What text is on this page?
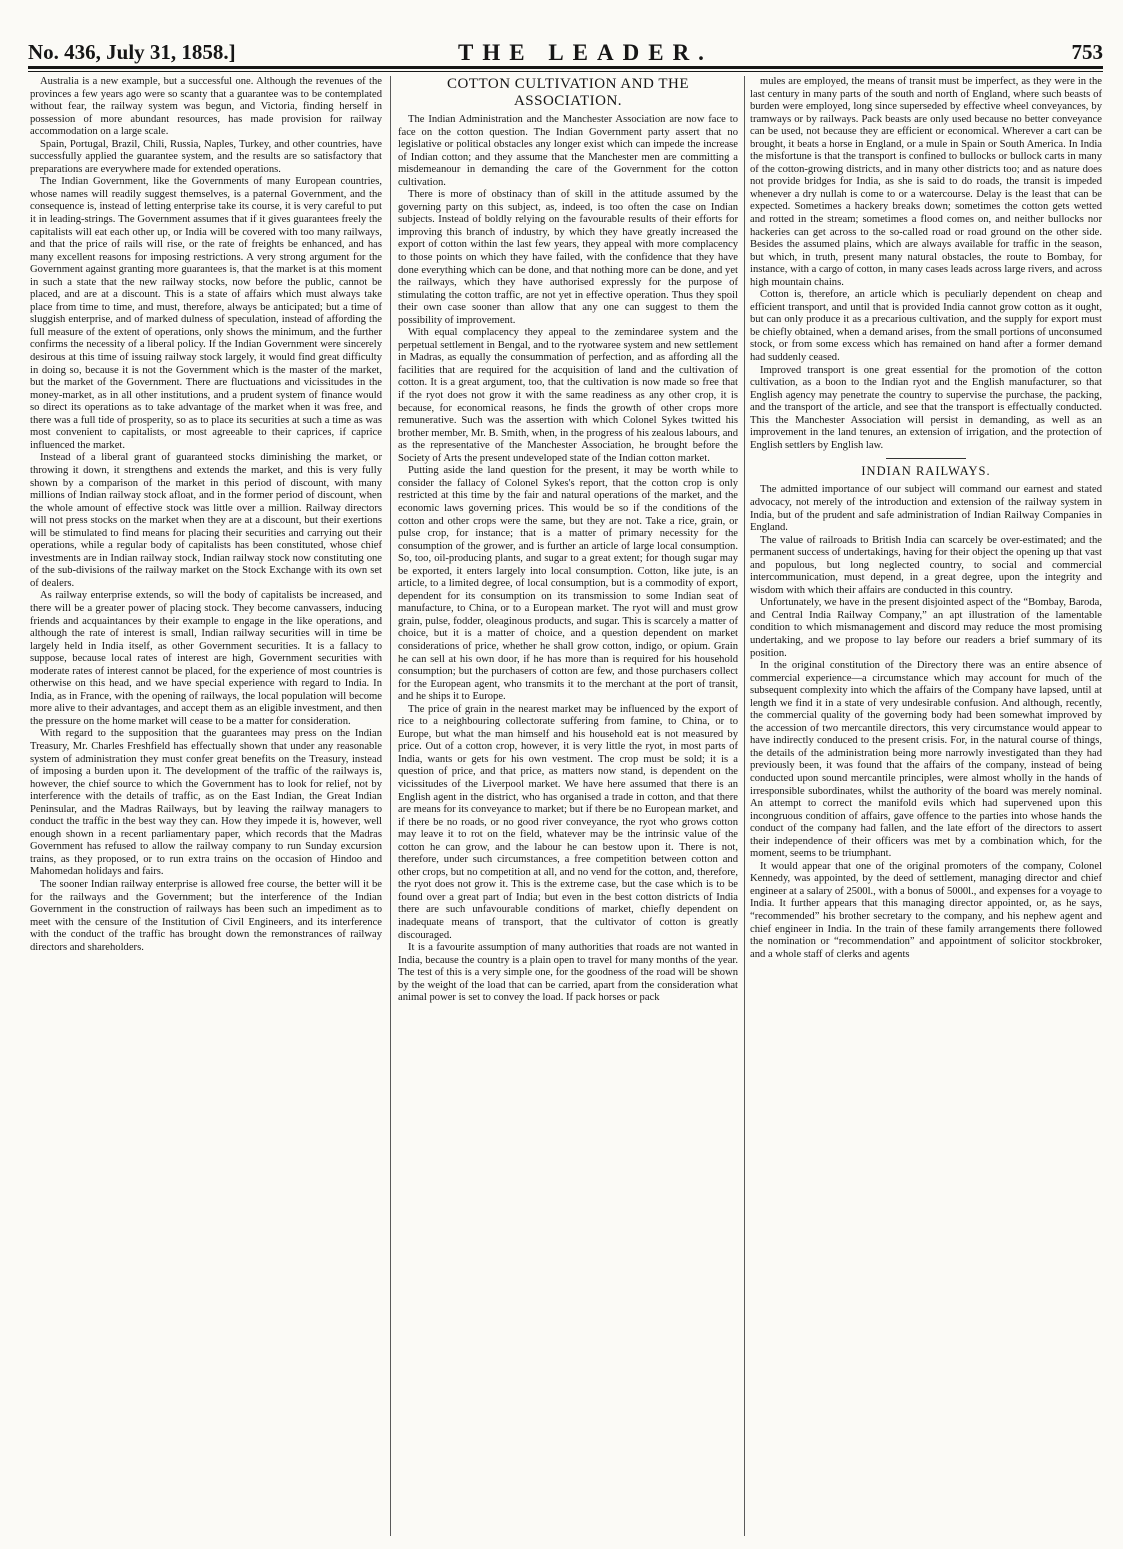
No. 436, July 31, 1858.]	THE LEADER.	753

Australia is a new example, but a successful one. Although the revenues of the provinces a few years ago were so scanty that a guarantee was to be contemplated without fear, the railway system was begun, and Victoria, finding herself in possession of more abundant resources, has made provision for railway accommodation on a large scale.

Spain, Portugal, Brazil, Chili, Russia, Naples, Turkey, and other countries, have successfully applied the guarantee system, and the results are so satisfactory that preparations are everywhere made for extended operations.

The Indian Government, like the Governments of many European countries, whose names will readily suggest themselves, is a paternal Government, and the consequence is, instead of letting enterprise take its course, it is very careful to put it in leading-strings. The Government assumes that if it gives guarantees freely the capitalists will eat each other up, or India will be covered with too many railways, and that the price of rails will rise, or the rate of freights be enhanced, and has many excellent reasons for imposing restrictions. A very strong argument for the Government against granting more guarantees is, that the market is at this moment in such a state that the new railway stocks, now before the public, cannot be placed, and are at a discount. This is a state of affairs which must always take place from time to time, and must, therefore, always be anticipated; but a time of sluggish enterprise, and of marked dulness of speculation, instead of affording the full measure of the extent of operations, only shows the minimum, and the further confirms the necessity of a liberal policy. If the Indian Government were sincerely desirous at this time of issuing railway stock largely, it would find great difficulty in doing so, because it is not the Government which is the master of the market, but the market of the Government. There are fluctuations and vicissitudes in the money-market, as in all other institutions, and a prudent system of finance would so direct its operations as to take advantage of the market when it was free, and there was a full tide of prosperity, so as to place its securities at such a time as was most convenient to capitalists, or most agreeable to their caprices, if caprice influenced the market.

Instead of a liberal grant of guaranteed stocks diminishing the market, or throwing it down, it strengthens and extends the market, and this is very fully shown by a comparison of the market in this period of discount, with many millions of Indian railway stock afloat, and in the former period of discount, when the whole amount of effective stock was little over a million. Railway directors will not press stocks on the market when they are at a discount, but their exertions will be stimulated to find means for placing their securities and carrying out their operations, while a regular body of capitalists has been constituted, whose chief investments are in Indian railway stock, Indian railway stock now constituting one of the sub-divisions of the railway market on the Stock Exchange with its own set of dealers.

As railway enterprise extends, so will the body of capitalists be increased, and there will be a greater power of placing stock. They become canvassers, inducing friends and acquaintances by their example to engage in the like operations, and although the rate of interest is small, Indian railway securities will in time be largely held in India itself, as other Government securities. It is a fallacy to suppose, because local rates of interest are high, Government securities with moderate rates of interest cannot be placed, for the experience of most countries is otherwise on this head, and we have special experience with regard to India. In India, as in France, with the opening of railways, the local population will become more alive to their advantages, and accept them as an eligible investment, and then the pressure on the home market will cease to be a matter for consideration.

With regard to the supposition that the guarantees may press on the Indian Treasury, Mr. Charles Freshfield has effectually shown that under any reasonable system of administration they must confer great benefits on the Treasury, instead of imposing a burden upon it. The development of the traffic of the railways is, however, the chief source to which the Government has to look for relief, not by interference with the details of traffic, as on the East Indian, the Great Indian Peninsular, and the Madras Railways, but by leaving the railway managers to conduct the traffic in the best way they can. How they impede it is, however, well enough shown in a recent parliamentary paper, which records that the Madras Government has refused to allow the railway company to run Sunday excursion trains, as they proposed, or to run extra trains on the occasion of Hindoo and Mahomedan holidays and fairs.

The sooner Indian railway enterprise is allowed free course, the better will it be for the railways and the Government; but the interference of the Indian Government in the construction of railways has been such an impediment as to meet with the censure of the Institution of Civil Engineers, and its interference with the conduct of the traffic has brought down the remonstrances of railway directors and shareholders.

COTTON CULTIVATION AND THE ASSOCIATION.

The Indian Administration and the Manchester Association are now face to face on the cotton question. The Indian Government party assert that no legislative or political obstacles any longer exist which can impede the increase of Indian cotton; and they assume that the Manchester men are committing a misdemeanour in demanding the care of the Government for the cotton cultivation.

There is more of obstinacy than of skill in the attitude assumed by the governing party on this subject, as, indeed, is too often the case on Indian subjects. Instead of boldly relying on the favourable results of their efforts for improving this branch of industry, by which they have greatly increased the export of cotton within the last few years, they appeal with more complacency to those points on which they have failed, with the confidence that they have done everything which can be done, and that nothing more can be done, and yet the railways, which they have authorised expressly for the purpose of stimulating the cotton traffic, are not yet in effective operation. Thus they spoil their own case sooner than allow that any one can suggest to them the possibility of improvement.

With equal complacency they appeal to the zemindaree system and the perpetual settlement in Bengal, and to the ryotwaree system and new settlement in Madras, as equally the consummation of perfection, and as affording all the facilities that are required for the acquisition of land and the cultivation of cotton. It is a great argument, too, that the cultivation is now made so free that if the ryot does not grow it with the same readiness as any other crop, it is because, for economical reasons, he finds the growth of other crops more remunerative. Such was the assertion with which Colonel Sykes twitted his brother member, Mr. B. Smith, when, in the progress of his zealous labours, and as the representative of the Manchester Association, he brought before the Society of Arts the present undeveloped state of the Indian cotton market.

Putting aside the land question for the present, it may be worth while to consider the fallacy of Colonel Sykes's report, that the cotton crop is only restricted at this time by the fair and natural operations of the market, and the economic laws governing prices. This would be so if the conditions of the cotton and other crops were the same, but they are not. Take a rice, grain, or pulse crop, for instance; that is a matter of primary necessity for the consumption of the grower, and is further an article of large local consumption. So, too, oil-producing plants, and sugar to a great extent; for though sugar may be exported, it enters largely into local consumption. Cotton, like jute, is an article, to a limited degree, of local consumption, but is a commodity of export, dependent for its consumption on its transmission to some Indian seat of manufacture, to China, or to a European market. The ryot will and must grow grain, pulse, fodder, oleaginous products, and sugar. This is scarcely a matter of choice, but it is a matter of choice, and a question dependent on market considerations of price, whether he shall grow cotton, indigo, or opium. Grain he can sell at his own door, if he has more than is required for his household consumption; but the purchasers of cotton are few, and those purchasers collect for the European agent, who transmits it to the merchant at the port of transit, and he ships it to Europe.

The price of grain in the nearest market may be influenced by the export of rice to a neighbouring collectorate suffering from famine, to China, or to Europe, but what the man himself and his household eat is not measured by price. Out of a cotton crop, however, it is very little the ryot, in most parts of India, wants or gets for his own vestment. The crop must be sold; it is a question of price, and that price, as matters now stand, is dependent on the vicissitudes of the Liverpool market. We have here assumed that there is an English agent in the district, who has organised a trade in cotton, and that there are means for its conveyance to market; but if there be no European market, and if there be no roads, or no good river conveyance, the ryot who grows cotton may leave it to rot on the field, whatever may be the intrinsic value of the cotton he can grow, and the labour he can bestow upon it. There is not, therefore, under such circumstances, a free competition between cotton and other crops, but no competition at all, and no vend for the cotton, and, therefore, the ryot does not grow it. This is the extreme case, but the case which is to be found over a great part of India; but even in the best cotton districts of India there are such unfavourable conditions of market, chiefly dependent on inadequate means of transport, that the cultivator of cotton is greatly discouraged.

It is a favourite assumption of many authorities that roads are not wanted in India, because the country is a plain open to travel for many months of the year. The test of this is a very simple one, for the goodness of the road will be shown by the weight of the load that can be carried, apart from the consideration what animal power is set to convey the load. If pack horses or pack

mules are employed, the means of transit must be imperfect, as they were in the last century in many parts of the south and north of England, where such beasts of burden were employed, long since superseded by effective wheel conveyances, by tramways or by railways. Pack beasts are only used because no better conveyance can be used, not because they are efficient or economical. Wherever a cart can be brought, it beats a horse in England, or a mule in Spain or South America. In India the misfortune is that the transport is confined to bullocks or bullock carts in many of the cotton-growing districts, and in many other districts too; and as nature does not provide bridges for India, as she is said to do roads, the transit is impeded whenever a dry nullah is come to or a watercourse. Delay is the least that can be expected. Sometimes a hackery breaks down; sometimes the cotton gets wetted and rotted in the stream; sometimes a flood comes on, and neither bullocks nor hackeries can get across to the so-called road or road ground on the other side. Besides the assumed plains, which are always available for traffic in the season, but which, in truth, present many natural obstacles, the route to Bombay, for instance, with a cargo of cotton, in many cases leads across large rivers, and across high mountain chains.

Cotton is, therefore, an article which is peculiarly dependent on cheap and efficient transport, and until that is provided India cannot grow cotton as it ought, but can only produce it as a precarious cultivation, and the supply for export must be chiefly obtained, when a demand arises, from the small portions of unconsumed stock, or from some excess which has remained on hand after a former demand had suddenly ceased.

Improved transport is one great essential for the promotion of the cotton cultivation, as a boon to the Indian ryot and the English manufacturer, so that English agency may penetrate the country to supervise the purchase, the packing, and the transport of the article, and see that the transport is effectually conducted. This the Manchester Association will persist in demanding, as well as an improvement in the land tenures, an extension of irrigation, and the protection of English settlers by English law.

INDIAN RAILWAYS.

The admitted importance of our subject will command our earnest and stated advocacy, not merely of the introduction and extension of the railway system in India, but of the prudent and safe administration of Indian Railway Companies in England.

The value of railroads to British India can scarcely be over-estimated; and the permanent success of undertakings, having for their object the opening up that vast and populous, but long neglected country, to social and commercial intercommunication, must depend, in a great degree, upon the integrity and wisdom with which their affairs are conducted in this country.

Unfortunately, we have in the present disjointed aspect of the “Bombay, Baroda, and Central India Railway Company,” an apt illustration of the lamentable condition to which mismanagement and discord may reduce the most promising undertaking, and we propose to lay before our readers a brief summary of its position.

In the original constitution of the Directory there was an entire absence of commercial experience—a circumstance which may account for much of the subsequent complexity into which the affairs of the Company have lapsed, until at length we find it in a state of very undesirable confusion. And although, recently, the commercial quality of the governing body had been somewhat improved by the accession of two mercantile directors, this very circumstance would appear to have indirectly conduced to the present crisis. For, in the natural course of things, the details of the administration being more narrowly investigated than they had previously been, it was found that the affairs of the company, instead of being conducted upon sound mercantile principles, were almost wholly in the hands of irresponsible subordinates, whilst the authority of the board was merely nominal. An attempt to correct the manifold evils which had supervened upon this incongruous condition of affairs, gave offence to the parties into whose hands the conduct of the company had fallen, and the late effort of the directors to assert their independence of their officers was met by a combination which, for the moment, seems to be triumphant.

It would appear that one of the original promoters of the company, Colonel Kennedy, was appointed, by the deed of settlement, managing director and chief engineer at a salary of 2500l., with a bonus of 5000l., and expenses for a voyage to India. It further appears that this managing director appointed, or, as he says, “recommended” his brother secretary to the company, and his nephew agent and chief engineer in India. In the train of these family arrangements there followed the nomination or “recommendation” and appointment of solicitor stockbroker, and a whole staff of clerks and agents
